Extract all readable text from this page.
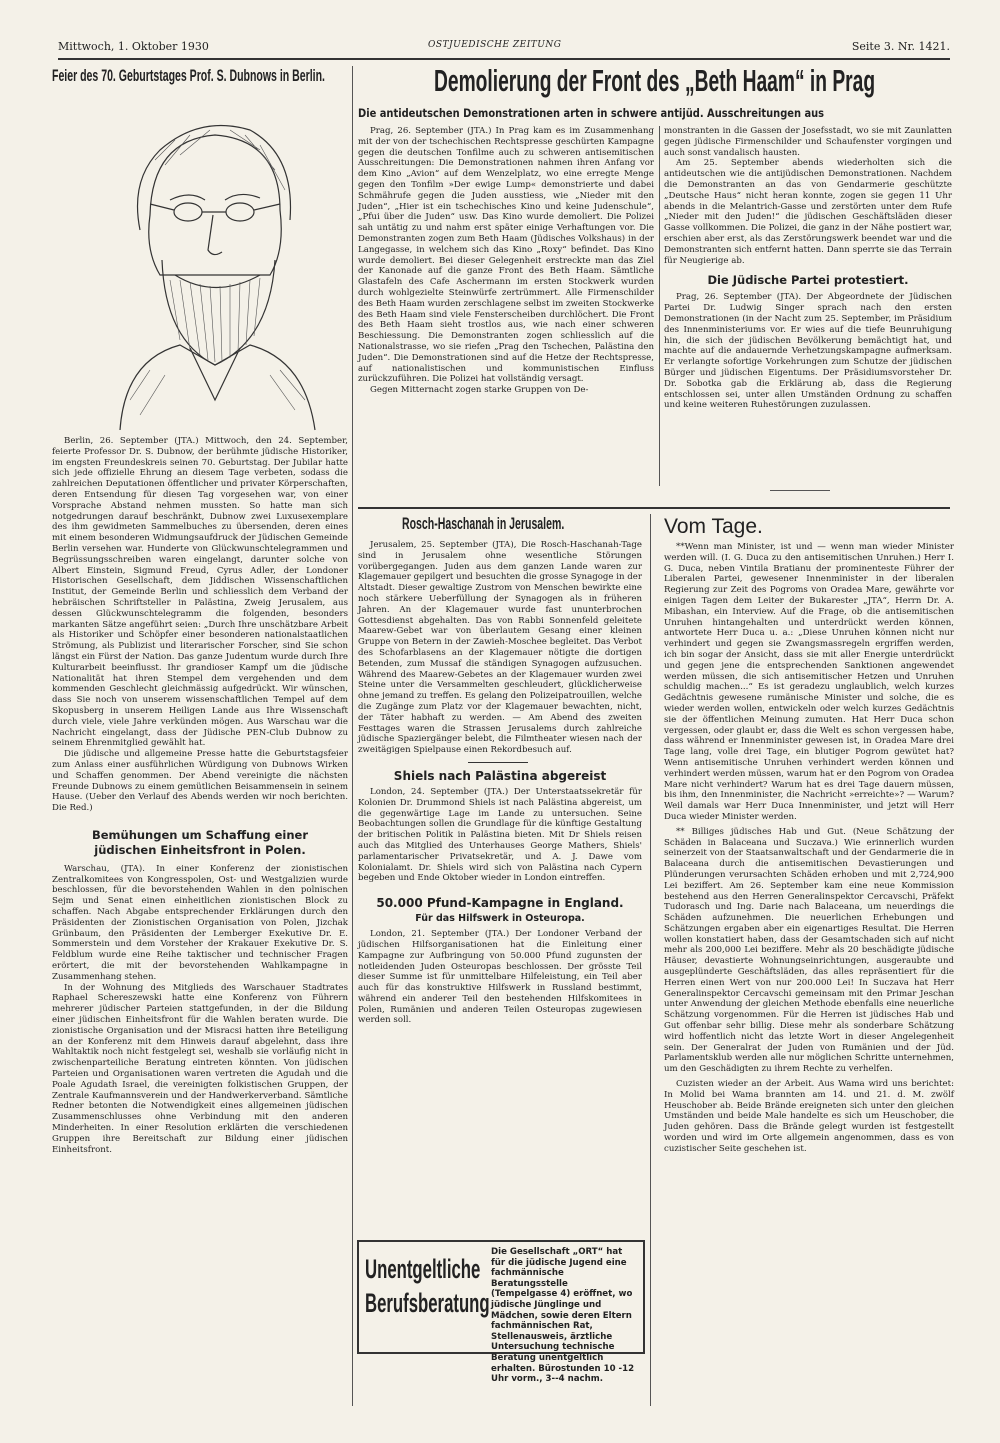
Mittwoch, 1. Oktober 1930	OSTJUEDISCHE ZEITUNG	Seite 3. Nr. 1421.
Feier des 70. Geburtstages Prof. S. Dubnows in Berlin.

Berlin, 26. September (JTA.) Mittwoch, den 24. September, feierte Professor Dr. S. Dubnow, der berühmte jüdische Historiker, im engsten Freundeskreis seinen 70. Geburtstag. Der Jubilar hatte sich jede offizielle Ehrung an diesem Tage verbeten, sodass die zahlreichen Deputationen öffentlicher und privater Körperschaften, deren Entsendung für diesen Tag vorgesehen war, von einer Vorsprache Abstand nehmen mussten. So hatte man sich notgedrungen darauf beschränkt, Dubnow zwei Luxusexemplare des ihm gewidmeten Sammelbuches zu übersenden, deren eines mit einem besonderen Widmungsaufdruck der Jüdischen Gemeinde Berlin versehen war. Hunderte von Glückwunschtelegrammen und Begrüssungsschreiben waren eingelangt, darunter solche von Albert Einstein, Sigmund Freud, Cyrus Adler, der Londoner Historischen Gesellschaft, dem Jiddischen Wissenschaftlichen Institut, der Gemeinde Berlin und schliesslich dem Verband der hebräischen Schriftsteller in Palästina, Zweig Jerusalem, aus dessen Glückwunschtelegramm die folgenden, besonders markanten Sätze angeführt seien: „Durch Ihre unschätzbare Arbeit als Historiker und Schöpfer einer besonderen nationalstaatlichen Strömung, als Publizist und literarischer Forscher, sind Sie schon längst ein Fürst der Nation. Das ganze Judentum wurde durch Ihre Kulturarbeit beeinflusst. Ihr grandioser Kampf um die jüdische Nationalität hat ihren Stempel dem vergehenden und dem kommenden Geschlecht gleichmässig aufgedrückt. Wir wünschen, dass Sie noch von unserem wissenschaftlichen Tempel auf dem Skopusberg in unserem Heiligen Lande aus Ihre Wissenschaft durch viele, viele Jahre verkünden mögen. Aus Warschau war die Nachricht eingelangt, dass der Jüdische PEN-Club Dubnow zu seinem Ehrenmitglied gewählt hat.

Die jüdische und allgemeine Presse hatte die Geburtstagsfeier zum Anlass einer ausführlichen Würdigung von Dubnows Wirken und Schaffen genommen. Der Abend vereinigte die nächsten Freunde Dubnows zu einem gemütlichen Beisammensein in seinem Hause. (Ueber den Verlauf des Abends werden wir noch berichten. Die Red.)

Bemühungen um Schaffung einer jüdischen Einheitsfront in Polen.

Warschau, (JTA). In einer Konferenz der zionistischen Zentralkomitees von Kongresspolen, Ost- und Westgalizien wurde beschlossen, für die bevorstehenden Wahlen in den polnischen Sejm und Senat einen einheitlichen zionistischen Block zu schaffen. Nach Abgabe entsprechender Erklärungen durch den Präsidenten der Zionistischen Organisation von Polen, Jizchak Grünbaum, den Präsidenten der Lemberger Exekutive Dr. E. Sommerstein und dem Vorsteher der Krakauer Exekutive Dr. S. Feldblum wurde eine Reihe taktischer und technischer Fragen erörtert, die mit der bevorstehenden Wahlkampagne in Zusammenhang stehen.

In der Wohnung des Mitglieds des Warschauer Stadtrates Raphael Schereszewski hatte eine Konferenz von Führern mehrerer jüdischer Parteien stattgefunden, in der die Bildung einer jüdischen Einheitsfront für die Wahlen beraten wurde. Die zionistische Organisation und der Misracsi hatten ihre Beteiligung an der Konferenz mit dem Hinweis darauf abgelehnt, dass ihre Wahltaktik noch nicht festgelegt sei, weshalb sie vorläufig nicht in zwischenparteiliche Beratung eintreten könnten. Von jüdischen Parteien und Organisationen waren vertreten die Agudah und die Poale Agudath Israel, die vereinigten folkistischen Gruppen, der Zentrale Kaufmannsverein und der Handwerkerverband. Sämtliche Redner betonten die Notwendigkeit eines allgemeinen jüdischen Zusammenschlusses ohne Verbindung mit den anderen Minderheiten. In einer Resolution erklärten die verschiedenen Gruppen ihre Bereitschaft zur Bildung einer jüdischen Einheitsfront.

Demolierung der Front des „Beth Haam“ in Prag
Die antideutschen Demonstrationen arten in schwere antijüd. Ausschreitungen aus

Prag, 26. September (JTA.) In Prag kam es im Zusammenhang mit der von der tschechischen Rechtspresse geschürten Kampagne gegen die deutschen Tonfilme auch zu schweren antisemitischen Ausschreitungen: Die Demonstrationen nahmen ihren Anfang vor dem Kino „Avion“ auf dem Wenzelplatz, wo eine erregte Menge gegen den Tonfilm »Der ewige Lump« demonstrierte und dabei Schmährufe gegen die Juden ausstiess, wie „Nieder mit den Juden“, „Hier ist ein tschechisches Kino und keine Judenschule“, „Pfui über die Juden“ usw. Das Kino wurde demoliert. Die Polizei sah untätig zu und nahm erst später einige Verhaftungen vor. Die Demonstranten zogen zum Beth Haam (Jüdisches Volkshaus) in der Langegasse, in welchem sich das Kino „Roxy“ befindet. Das Kino wurde demoliert. Bei dieser Gelegenheit erstreckte man das Ziel der Kanonade auf die ganze Front des Beth Haam. Sämtliche Glastafeln des Cafe Aschermann im ersten Stockwerk wurden durch wohlgezielte Steinwürfe zertrümmert. Alle Firmenschilder des Beth Haam wurden zerschlagene selbst im zweiten Stockwerke des Beth Haam sind viele Fensterscheiben durchlöchert. Die Front des Beth Haam sieht trostlos aus, wie nach einer schweren Beschiessung. Die Demonstranten zogen schliesslich auf die Nationalstrasse, wo sie riefen „Prag den Tschechen, Palästina den Juden“. Die Demonstrationen sind auf die Hetze der Rechtspresse, auf nationalistischen und kommunistischen Einfluss zurückzuführen. Die Polizei hat vollständig versagt.

Gegen Mitternacht zogen starke Gruppen von De-

monstranten in die Gassen der Josefsstadt, wo sie mit Zaunlatten gegen jüdische Firmenschilder und Schaufenster vorgingen und auch sonst vandalisch hausten.

Am 25. September abends wiederholten sich die antideutschen wie die antijüdischen Demonstrationen. Nachdem die Demonstranten an das von Gendarmerie geschützte „Deutsche Haus“ nicht heran konnte, zogen sie gegen 11 Uhr abends in die Melantrich-Gasse und zerstörten unter dem Rufe „Nieder mit den Juden!“ die jüdischen Geschäftsläden dieser Gasse vollkommen. Die Polizei, die ganz in der Nähe postiert war, erschien aber erst, als das Zerstörungswerk beendet war und die Demonstranten sich entfernt hatten. Dann sperrte sie das Terrain für Neugierige ab.

Die Jüdische Partei protestiert.

Prag, 26. September (JTA). Der Abgeordnete der Jüdischen Partei Dr. Ludwig Singer sprach nach den ersten Demonstrationen (in der Nacht zum 25. September, im Präsidium des Innenministeriums vor. Er wies auf die tiefe Beunruhigung hin, die sich der jüdischen Bevölkerung bemächtigt hat, und machte auf die andauernde Verhetzungskampagne aufmerksam. Er verlangte sofortige Vorkehrungen zum Schutze der jüdischen Bürger und jüdischen Eigentums. Der Präsidiumsvorsteher Dr. Dr. Sobotka gab die Erklärung ab, dass die Regierung entschlossen sei, unter allen Umständen Ordnung zu schaffen und keine weiteren Ruhestörungen zuzulassen.

Rosch-Haschanah in Jerusalem.

Jerusalem, 25. September (JTA), Die Rosch-Haschanah-Tage sind in Jerusalem ohne wesentliche Störungen vorübergegangen. Juden aus dem ganzen Lande waren zur Klagemauer gepilgert und besuchten die grosse Synagoge in der Altstadt. Dieser gewaltige Zustrom von Menschen bewirkte eine noch stärkere Ueberfüllung der Synagogen als in früheren Jahren. An der Klagemauer wurde fast ununterbrochen Gottesdienst abgehalten. Das von Rabbi Sonnenfeld geleitete Maarew-Gebet war von überlautem Gesang einer kleinen Gruppe von Betern in der Zawieh-Moschee begleitet. Das Verbot des Schofarblasens an der Klagemauer nötigte die dortigen Betenden, zum Mussaf die ständigen Synagogen aufzusuchen. Während des Maarew-Gebetes an der Klagemauer wurden zwei Steine unter die Versammelten geschleudert, glücklicherweise ohne jemand zu treffen. Es gelang den Polizeipatrouillen, welche die Zugänge zum Platz vor der Klagemauer bewachten, nicht, der Täter habhaft zu werden. — Am Abend des zweiten Festtages waren die Strassen Jerusalems durch zahlreiche jüdische Spaziergänger belebt, die Filmtheater wiesen nach der zweitägigen Spielpause einen Rekordbesuch auf.

Shiels nach Palästina abgereist

London, 24. September (JTA.) Der Unterstaatssekretär für Kolonien Dr. Drummond Shiels ist nach Palästina abgereist, um die gegenwärtige Lage im Lande zu untersuchen. Seine Beobachtungen sollen die Grundlage für die künftige Gestaltung der britischen Politik in Palästina bieten. Mit Dr Shiels reisen auch das Mitglied des Unterhauses George Mathers, Shiels' parlamentarischer Privatsekretär, und A. J. Dawe vom Kolonialamt. Dr. Shiels wird sich von Palästina nach Cypern begeben und Ende Oktober wieder in London eintreffen.

50.000 Pfund-Kampagne in England.
Für das Hilfswerk in Osteuropa.

London, 21. September (JTA.) Der Londoner Verband der jüdischen Hilfsorganisationen hat die Einleitung einer Kampagne zur Aufbringung von 50.000 Pfund zugunsten der notleidenden Juden Osteuropas beschlossen. Der grösste Teil dieser Summe ist für unmittelbare Hilfeleistung, ein Teil aber auch für das konstruktive Hilfswerk in Russland bestimmt, während ein anderer Teil den bestehenden Hilfskomitees in Polen, Rumänien und anderen Teilen Osteuropas zugewiesen werden soll.

Unentgeltliche
Berufsberatung

Die Gesellschaft „ORT“ hat für die jüdische Jugend eine fachmännische Beratungsstelle (Tempelgasse 4) eröffnet, wo jüdische Jünglinge und Mädchen, sowie deren Eltern fachmännischen Rat, Stellenausweis, ärztliche Untersuchung technische Beratung unentgeltlich erhalten. Bürostunden 10 -12 Uhr vorm., 3--4 nachm.

Vom Tage.

**Wenn man Minister, ist und — wenn man wieder Minister werden will. (I. G. Duca zu den antisemitischen Unruhen.) Herr I. G. Duca, neben Vintila Bratianu der prominenteste Führer der Liberalen Partei, gewesener Innenminister in der liberalen Regierung zur Zeit des Pogroms von Oradea Mare, gewährte vor einigen Tagen dem Leiter der Bukarester „JTA“, Herrn Dr. A. Mibashan, ein Interview. Auf die Frage, ob die antisemitischen Unruhen hintangehalten und unterdrückt werden können, antwortete Herr Duca u. a.: „Diese Unruhen können nicht nur verhindert und gegen sie Zwangsmassregeln ergriffen werden, ich bin sogar der Ansicht, dass sie mit aller Energie unterdrückt und gegen jene die entsprechenden Sanktionen angewendet werden müssen, die sich antisemitischer Hetzen und Unruhen schuldig machen...“ Es ist geradezu unglaublich, welch kurzes Gedächtnis gewesene rumänische Minister und solche, die es wieder werden wollen, entwickeln oder welch kurzes Gedächtnis sie der öffentlichen Meinung zumuten. Hat Herr Duca schon vergessen, oder glaubt er, dass die Welt es schon vergessen habe, dass während er Innenminister gewesen ist, in Oradea Mare drei Tage lang, volle drei Tage, ein blutiger Pogrom gewütet hat? Wenn antisemitische Unruhen verhindert werden können und verhindert werden müssen, warum hat er den Pogrom von Oradea Mare nicht verhindert? Warum hat es drei Tage dauern müssen, bis ihm, den Innenminister, die Nachricht »erreichte»? — Warum? Weil damals war Herr Duca Innenminister, und jetzt will Herr Duca wieder Minister werden.

** Billiges jüdisches Hab und Gut. (Neue Schätzung der Schäden in Balaceana und Suczava.) Wie erinnerlich wurden seinerzeit von der Staatsanwaltschaft und der Gendarmerie die in Balaceana durch die antisemitischen Devastierungen und Plünderungen verursachten Schäden erhoben und mit 2,724,900 Lei beziffert. Am 26. September kam eine neue Kommission bestehend aus den Herren Generalinspektor Cercavschi, Präfekt Tudorasch und Ing. Darie nach Balaceana, um neuerdings die Schäden aufzunehmen. Die neuerlichen Erhebungen und Schätzungen ergaben aber ein eigenartiges Resultat. Die Herren wollen konstatiert haben, dass der Gesamtschaden sich auf nicht mehr als 200,000 Lei beziffere. Mehr als 20 beschädigte jüdische Häuser, devastierte Wohnungseinrichtungen, ausgeraubte und ausgeplünderte Geschäftsläden, das alles repräsentiert für die Herren einen Wert von nur 200.000 Lei! In Suczava hat Herr Generalinspektor Cercavschi gemeinsam mit den Primar Jeschan unter Anwendung der gleichen Methode ebenfalls eine neuerliche Schätzung vorgenommen. Für die Herren ist jüdisches Hab und Gut offenbar sehr billig. Diese mehr als sonderbare Schätzung wird hoffentlich nicht das letzte Wort in dieser Angelegenheit sein. Der Generalrat der Juden von Rumänien und der Jüd. Parlamentsklub werden alle nur möglichen Schritte unternehmen, um den Geschädigten zu ihrem Rechte zu verhelfen.

Cuzisten wieder an der Arbeit. Aus Wama wird uns berichtet: In Molid bei Wama brannten am 14. und 21. d. M. zwölf Heuschober ab. Beide Brände ereigneten sich unter den gleichen Umständen und beide Male handelte es sich um Heuschober, die Juden gehören. Dass die Brände gelegt wurden ist festgestellt worden und wird im Orte allgemein angenommen, dass es von cuzistischer Seite geschehen ist.
